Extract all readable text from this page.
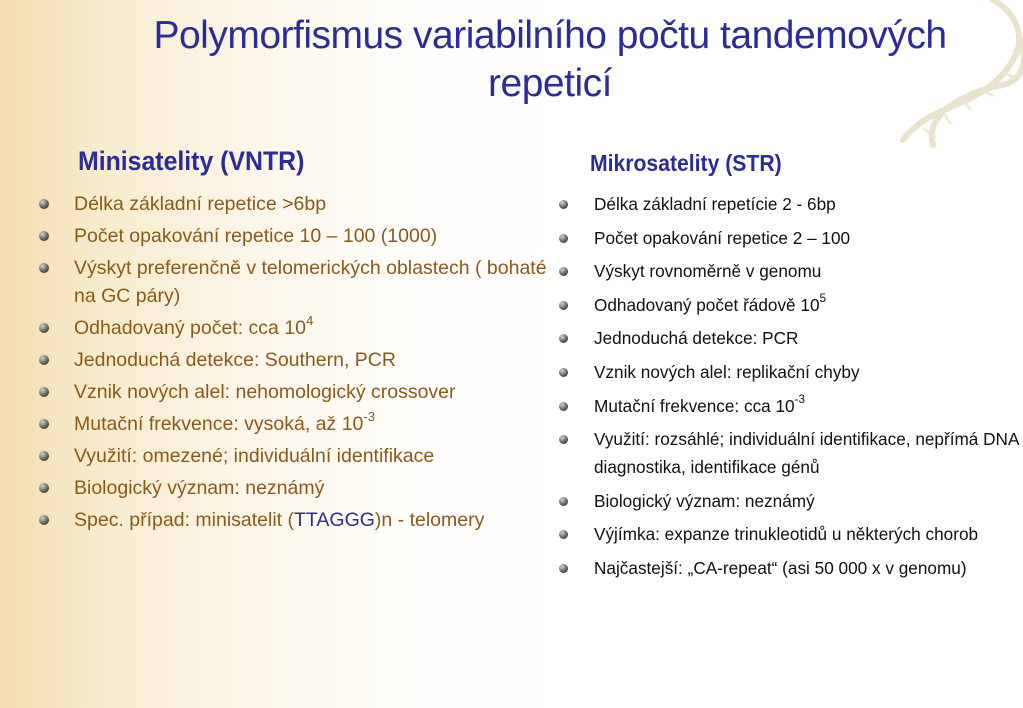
Polymorfismus variabilního počtu tandemových repeticí
Minisatelity (VNTR)	Mikrosatelity (STR)
Délka základní repetice >6bp
Počet opakování repetice 10 – 100 (1000)
Výskyt preferenčně v telomerických oblastech ( bohaté na GC páry)
Odhadovaný počet: cca $10^4$
Jednoduchá detekce: Southern, PCR
Vznik nových alel: nehomologický crossover
Mutační frekvence: vysoká, až $10^{-3}$
Využití: omezené; individuální identifikace
Biologický význam: neznámý
Spec. případ: minisatelit (TTAGGG)n - telomery
Délka základní repetície 2 - 6bp
Počet opakování repetice 2 – 100
Výskyt rovnoměrně v genomu
Odhadovaný počet řádově $10^5$
Jednoduchá detekce: PCR
Vznik nových alel: replikační chyby
Mutační frekvence: cca $10^{-3}$
Využití: rozsáhlé; individuální identifikace, nepřímá DNA diagnostika, identifikace génů
Biologický význam: neznámý
Výjímka: expanze trinukleotidů u některých chorob
Najčastejší: „CA-repeat“ (asi 50 000 x v genomu)
